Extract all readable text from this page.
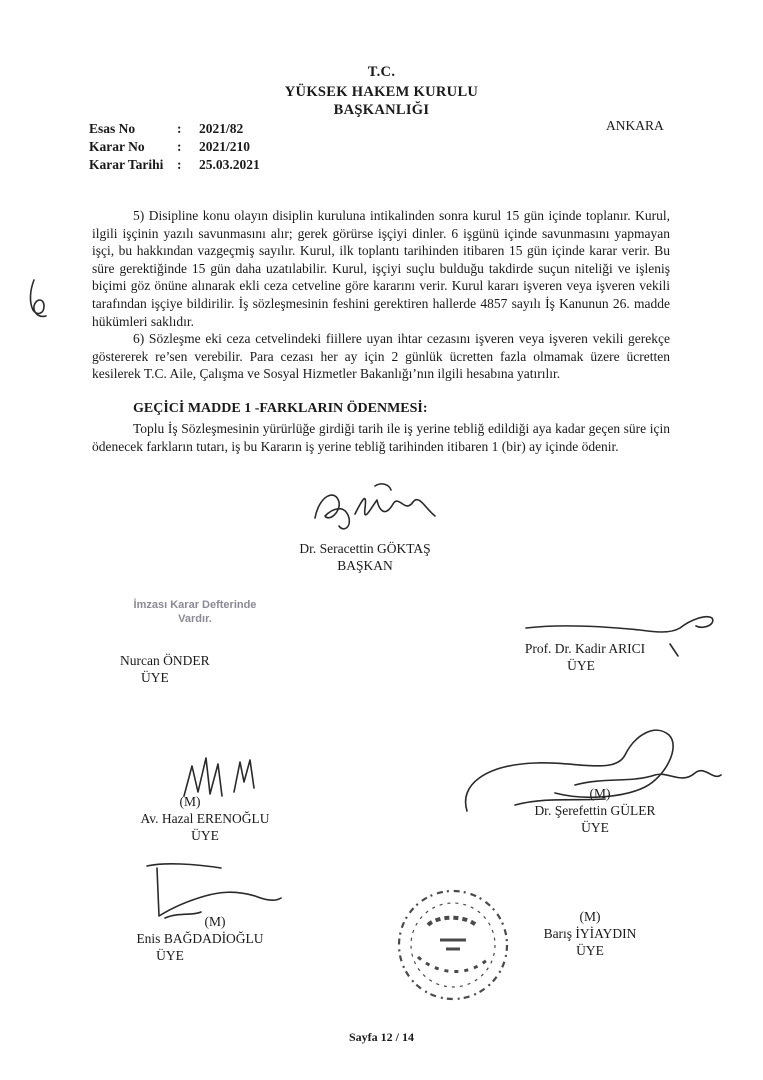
T.C.
YÜKSEK HAKEM KURULU
BAŞKANLIĞI
ANKARA
Esas No	: 2021/82
Karar No : 2021/210
Karar Tarihi : 25.03.2021

5) Disipline konu olayın disiplin kuruluna intikalinden sonra kurul 15 gün içinde toplanır. Kurul, ilgili işçinin yazılı savunmasını alır; gerek görürse işçiyi dinler. 6 işgünü içinde savunmasını yapmayan işçi, bu hakkından vazgeçmiş sayılır. Kurul, ilk toplantı tarihinden itibaren 15 gün içinde karar verir. Bu süre gerektiğinde 15 gün daha uzatılabilir. Kurul, işçiyi suçlu bulduğu takdirde suçun niteliği ve işleniş biçimi göz önüne alınarak ekli ceza cetveline göre kararını verir. Kurul kararı işveren veya işveren vekili tarafından işçiye bildirilir. İş sözleşmesinin feshini gerektiren hallerde 4857 sayılı İş Kanunun 26. madde hükümleri saklıdır.

6) Sözleşme eki ceza cetvelindeki fiillere uyan ihtar cezasını işveren veya işveren vekili gerekçe göstererek re’sen verebilir. Para cezası her ay için 2 günlük ücretten fazla olmamak üzere ücretten kesilerek T.C. Aile, Çalışma ve Sosyal Hizmetler Bakanlığı’nın ilgili hesabına yatırılır.

GEÇİCİ MADDE 1 -FARKLARIN ÖDENMESİ:

Toplu İş Sözleşmesinin yürürlüğe girdiği tarih ile iş yerine tebliğ edildiği aya kadar geçen süre için ödenecek farkların tutarı, iş bu Kararın iş yerine tebliğ tarihinden itibaren 1 (bir) ay içinde ödenir.

Dr. Seracettin GÖKTAŞ
BAŞKAN
İmzası Karar Defterinde
Vardır.
Nurcan ÖNDER
ÜYE
Prof. Dr. Kadir ARICI
ÜYE
(M)
Av. Hazal ERENOĞLU
ÜYE
(M)
Dr. Şerefettin GÜLER
ÜYE
(M)
Enis BAĞDADİOĞLU
ÜYE
(M)
Barış İYİAYDIN
ÜYE
Sayfa 12 / 14
